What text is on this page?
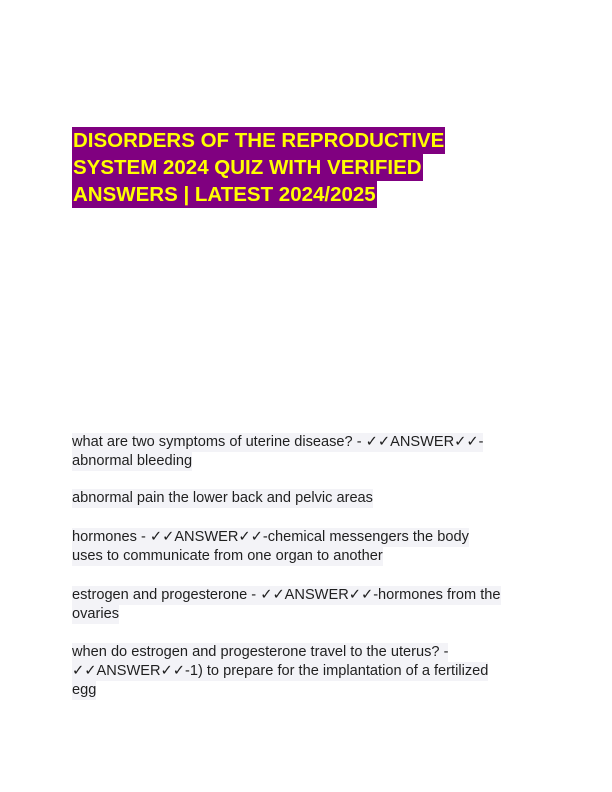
DISORDERS OF THE REPRODUCTIVE
SYSTEM 2024 QUIZ WITH VERIFIED
ANSWERS | LATEST 2024/2025
what are two symptoms of uterine disease? - ✓✓ANSWER✓✓-
abnormal bleeding
abnormal pain the lower back and pelvic areas
hormones - ✓✓ANSWER✓✓-chemical messengers the body
uses to communicate from one organ to another
estrogen and progesterone - ✓✓ANSWER✓✓-hormones from the
ovaries
when do estrogen and progesterone travel to the uterus? -
✓✓ANSWER✓✓-1) to prepare for the implantation of a fertilized
egg
